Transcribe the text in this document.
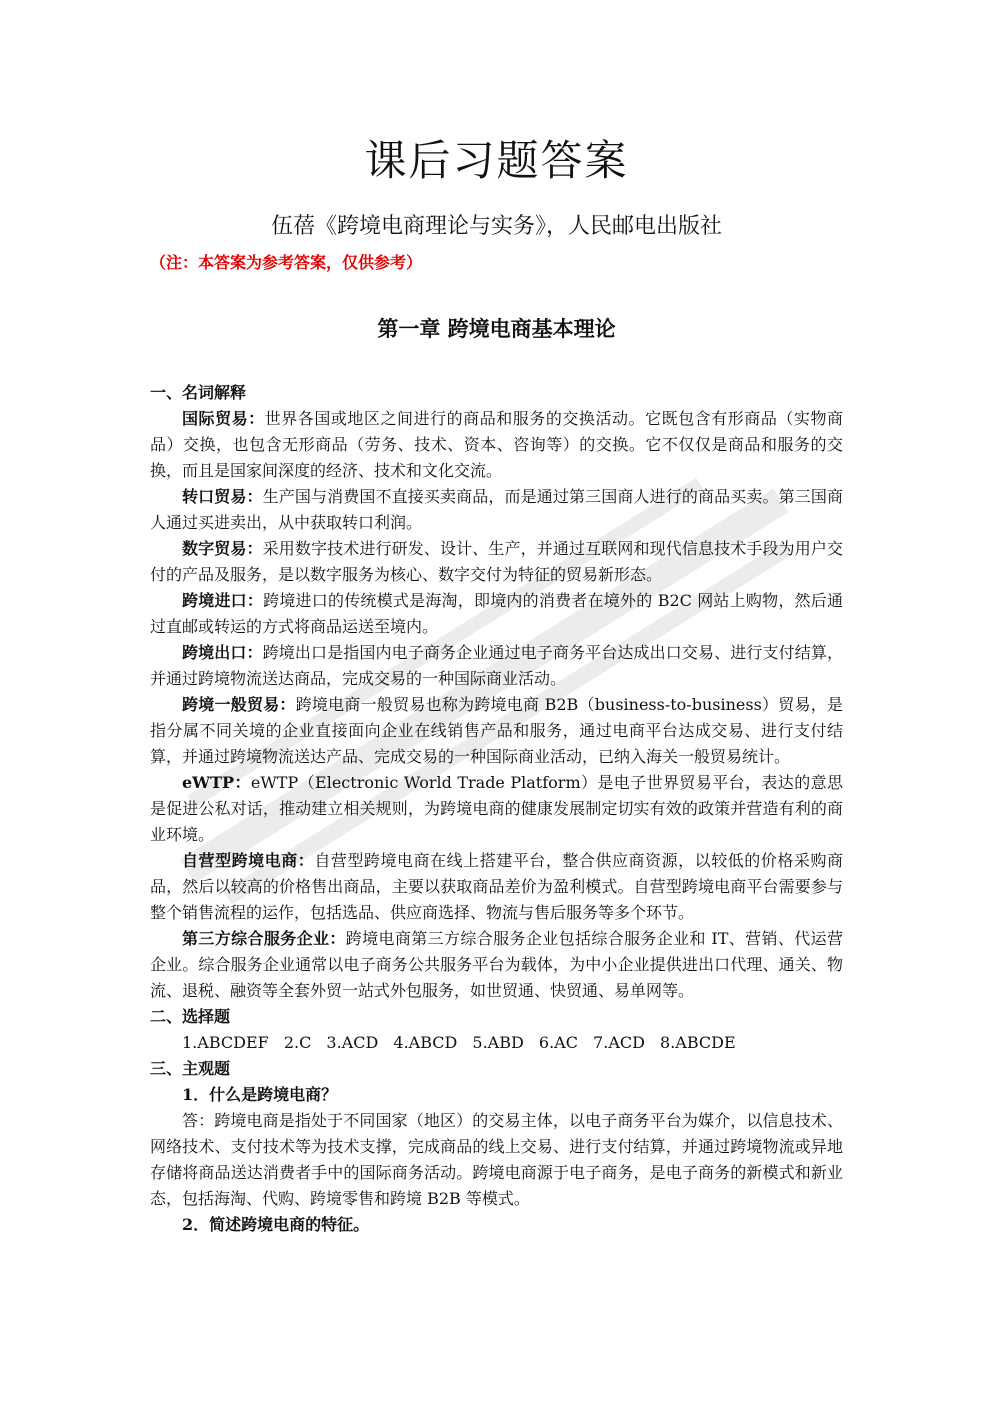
课后习题答案
伍蓓《跨境电商理论与实务》，人民邮电出版社
（注：本答案为参考答案，仅供参考）
第一章 跨境电商基本理论

一、名词解释

国际贸易：世界各国或地区之间进行的商品和服务的交换活动。它既包含有形商品（实物商品）交换，也包含无形商品（劳务、技术、资本、咨询等）的交换。它不仅仅是商品和服务的交换，而且是国家间深度的经济、技术和文化交流。

转口贸易：生产国与消费国不直接买卖商品，而是通过第三国商人进行的商品买卖。第三国商人通过买进卖出，从中获取转口利润。

数字贸易：采用数字技术进行研发、设计、生产，并通过互联网和现代信息技术手段为用户交付的产品及服务，是以数字服务为核心、数字交付为特征的贸易新形态。

跨境进口：跨境进口的传统模式是海淘，即境内的消费者在境外的 B2C 网站上购物，然后通过直邮或转运的方式将商品运送至境内。

跨境出口：跨境出口是指国内电子商务企业通过电子商务平台达成出口交易、进行支付结算，并通过跨境物流送达商品，完成交易的一种国际商业活动。

跨境一般贸易：跨境电商一般贸易也称为跨境电商 B2B（business-to-business）贸易，是指分属不同关境的企业直接面向企业在线销售产品和服务，通过电商平台达成交易、进行支付结算，并通过跨境物流送达产品、完成交易的一种国际商业活动，已纳入海关一般贸易统计。

eWTP：eWTP（Electronic World Trade Platform）是电子世界贸易平台，表达的意思是促进公私对话，推动建立相关规则，为跨境电商的健康发展制定切实有效的政策并营造有利的商业环境。

自营型跨境电商：自营型跨境电商在线上搭建平台，整合供应商资源，以较低的价格采购商品，然后以较高的价格售出商品，主要以获取商品差价为盈利模式。自营型跨境电商平台需要参与整个销售流程的运作，包括选品、供应商选择、物流与售后服务等多个环节。

第三方综合服务企业：跨境电商第三方综合服务企业包括综合服务企业和 IT、营销、代运营企业。综合服务企业通常以电子商务公共服务平台为载体，为中小企业提供进出口代理、通关、物流、退税、融资等全套外贸一站式外包服务，如世贸通、快贸通、易单网等。

二、选择题

1.ABCDEF 2.C 3.ACD 4.ABCD 5.ABD 6.AC 7.ACD 8.ABCDE

三、主观题

1．什么是跨境电商？

答：跨境电商是指处于不同国家（地区）的交易主体，以电子商务平台为媒介，以信息技术、网络技术、支付技术等为技术支撑，完成商品的线上交易、进行支付结算，并通过跨境物流或异地存储将商品送达消费者手中的国际商务活动。跨境电商源于电子商务，是电子商务的新模式和新业态，包括海淘、代购、跨境零售和跨境 B2B 等模式。

2．简述跨境电商的特征。
